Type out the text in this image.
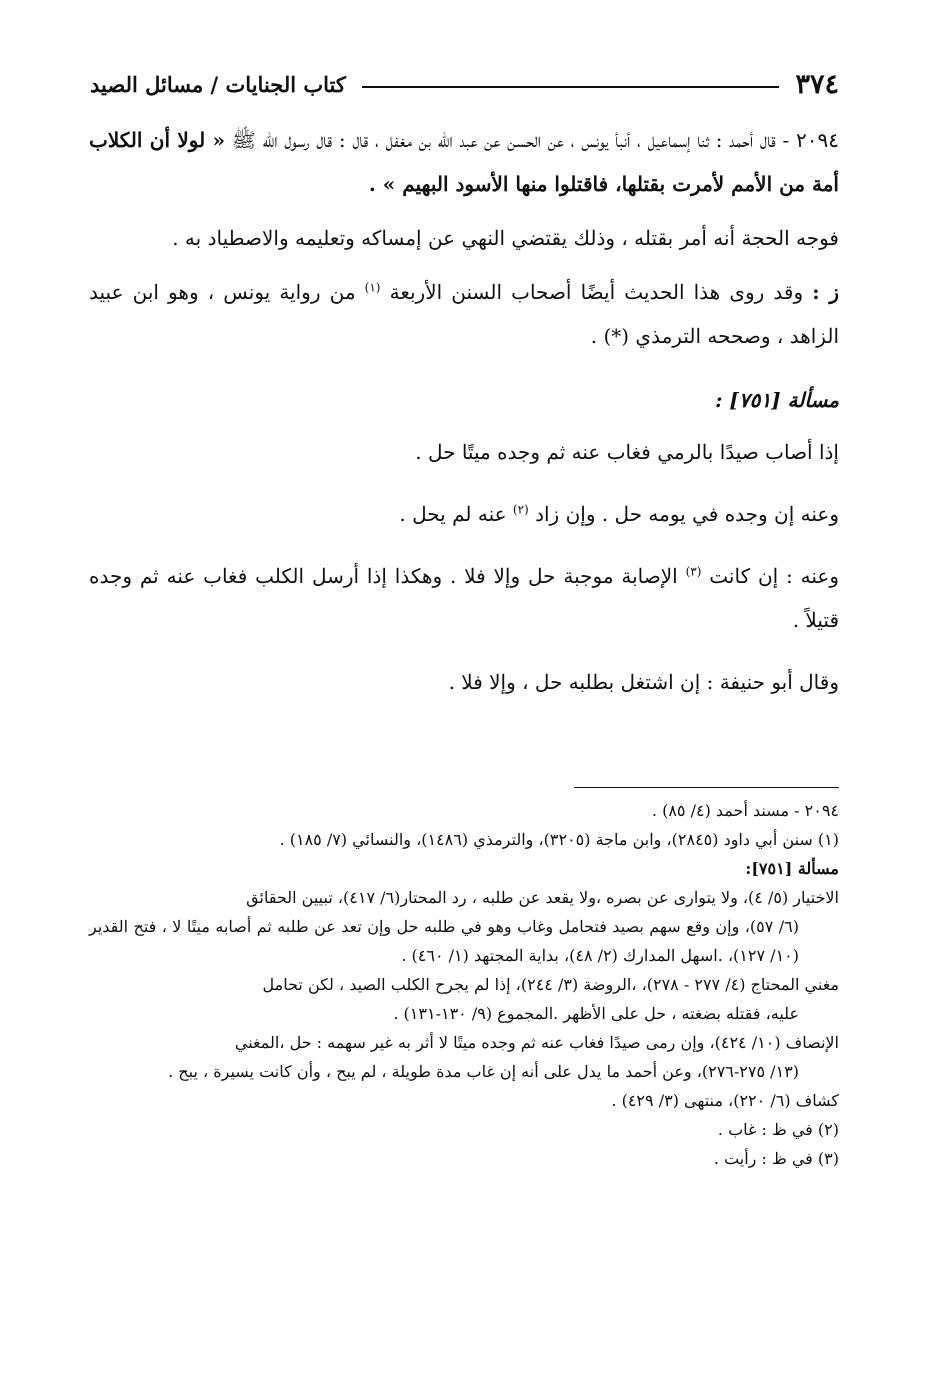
٣٧٤
كتاب الجنايات / مسائل الصيد

٢٠٩٤ - قال أحمد : ثنا إسماعيل ، أنبأ يونس ، عن الحسن عن عبد الله بن مغفل ، قال : قال رسول الله ﷺ « لولا أن الكلاب أمة من الأمم لأمرت بقتلها، فاقتلوا منها الأسود البهيم » .

فوجه الحجة أنه أمر بقتله ، وذلك يقتضي النهي عن إمساكه وتعليمه والاصطياد به .

ز : وقد روى هذا الحديث أيضًا أصحاب السنن الأربعة $^{(١)}$ من رواية يونس ، وهو ابن عبيد الزاهد ، وصححه الترمذي (*) .

مسألة [٧٥١] :

إذا أصاب صيدًا بالرمي فغاب عنه ثم وجده ميتًا حل .

وعنه إن وجده في يومه حل . وإن زاد $^{(٢)}$ عنه لم يحل .

وعنه : إن كانت $^{(٣)}$ الإصابة موجبة حل وإلا فلا . وهكذا إذا أرسل الكلب فغاب عنه ثم وجده قتيلاً .

وقال أبو حنيفة : إن اشتغل بطلبه حل ، وإلا فلا .

٢٠٩٤ - مسند أحمد (٤/ ٨٥) .

(١) سنن أبي داود (٢٨٤٥)، وابن ماجة (٣٢٠٥)، والترمذي (١٤٨٦)، والنسائي (٧/ ١٨٥) .

مسألة [٧٥١]:

الاختيار (٥/ ٤)، ولا يتوارى عن بصره ،ولا يقعد عن طلبه ، رد المحتار(٦/ ٤١٧)، تبيين الحقائق

(٦/ ٥٧)، وإن وقع سهم بصيد فتحامل وغاب وهو في طلبه حل وإن تعد عن طلبه ثم أصابه ميتًا لا ، فتح القدير (١٠/ ١٢٧)، .اسهل المدارك (٢/ ٤٨)، بداية المجتهد (١/ ٤٦٠) .

مغني المحتاج (٤/ ٢٧٧ - ٢٧٨)، ،الروضة (٣/ ٢٤٤)، إذا لم يجرح الكلب الصيد ، لكن تحامل

عليه، فقتله بضغته ، حل على الأظهر .المجموع (٩/ ١٣٠-١٣١) .

الإنصاف (١٠/ ٤٢٤)، وإن رمى صيدًا فغاب عنه ثم وجده ميتًا لا أثر به غير سهمه : حل ،المغني

(١٣/ ٢٧٥-٢٧٦)، وعن أحمد ما يدل على أنه إن غاب مدة طويلة ، لم يبح ، وأن كانت يسيرة ، يبح .

كشاف (٦/ ٢٢٠)، منتهى (٣/ ٤٢٩) .

(٢) في ظ : غاب .

(٣) في ظ : رأيت .
